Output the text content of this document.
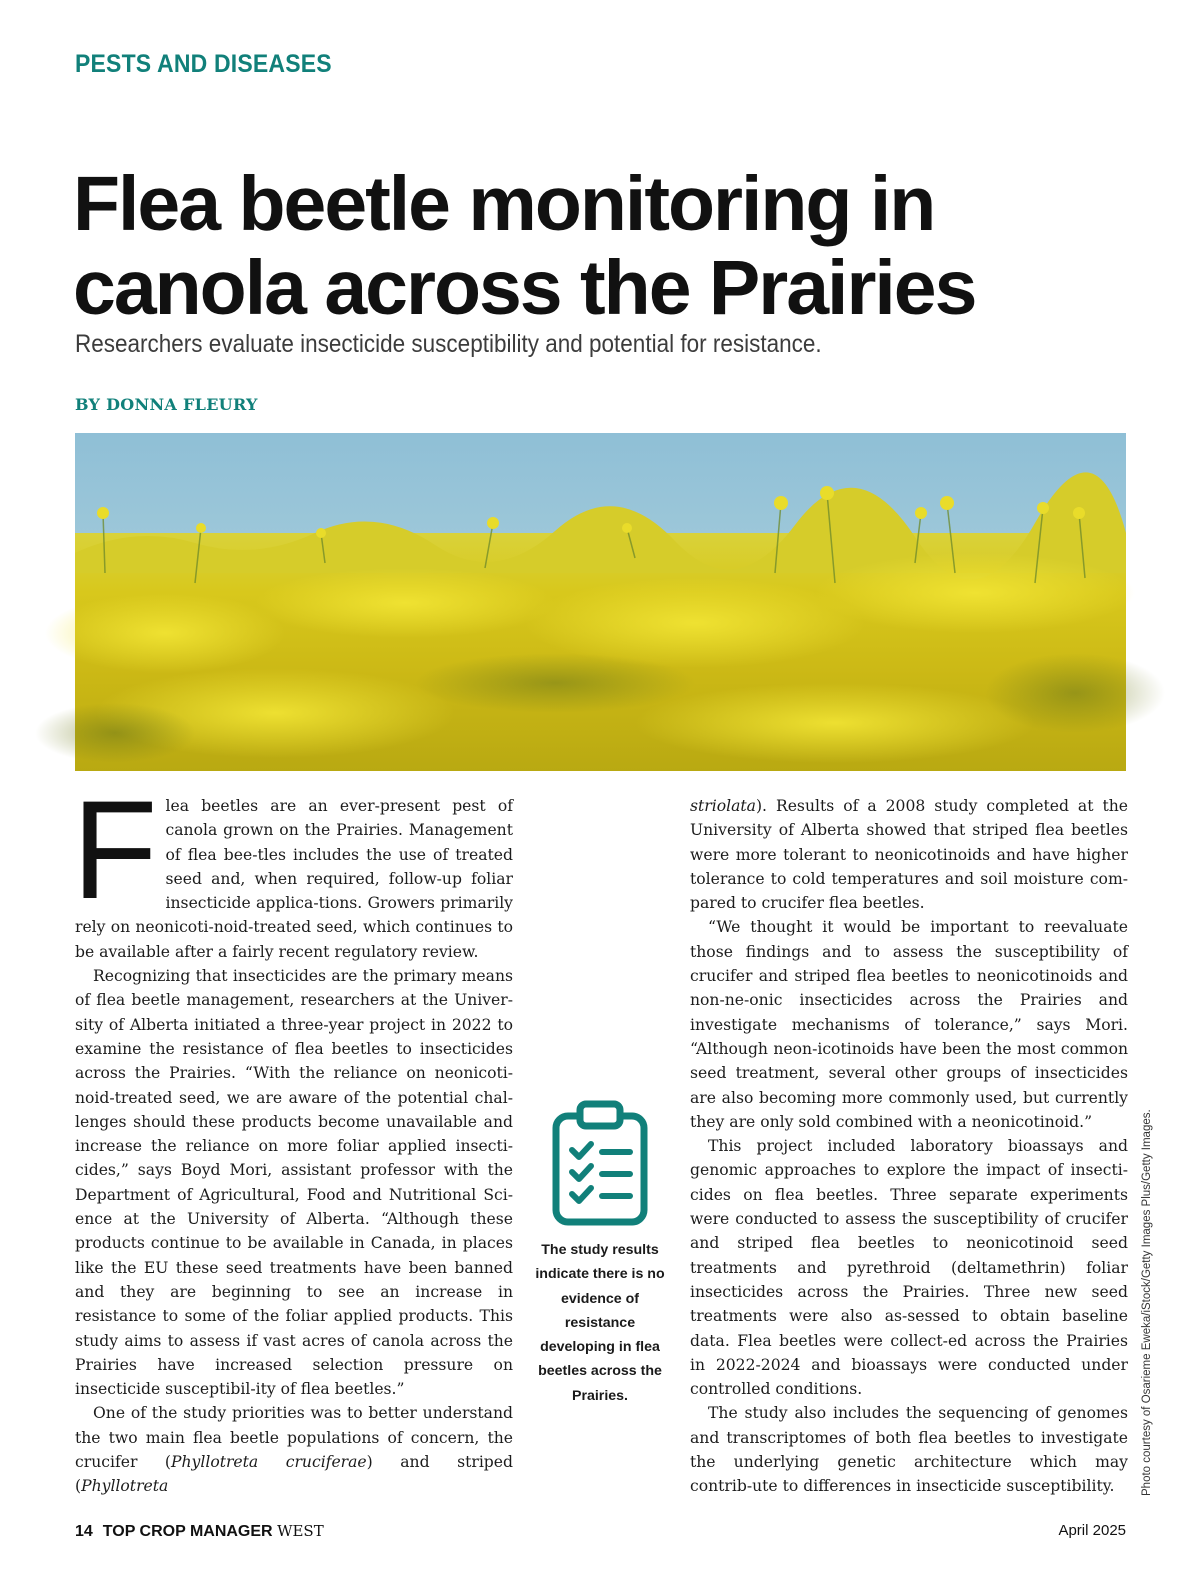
PESTS AND DISEASES
Flea beetle monitoring in canola across the Prairies
Researchers evaluate insecticide susceptibility and potential for resistance.
BY DONNA FLEURY
F lea beetles are an ever-present pest of canola grown on the Prairies. Management of flea bee-tles includes the use of treated seed and, when required, follow-up foliar insecticide applica-tions. Growers primarily rely on neonicoti-noid-treated seed, which continues to be available after a fairly recent regulatory review.

Recognizing that insecticides are the primary means of flea beetle management, researchers at the Univer-sity of Alberta initiated a three-year project in 2022 to examine the resistance of flea beetles to insecticides across the Prairies. “With the reliance on neonicoti-noid-treated seed, we are aware of the potential chal-lenges should these products become unavailable and increase the reliance on more foliar applied insecti-cides,” says Boyd Mori, assistant professor with the Department of Agricultural, Food and Nutritional Sci-ence at the University of Alberta. “Although these products continue to be available in Canada, in places like the EU these seed treatments have been banned and they are beginning to see an increase in resistance to some of the foliar applied products. This study aims to assess if vast acres of canola across the Prairies have increased selection pressure on insecticide susceptibil-ity of flea beetles.”

One of the study priorities was to better understand the two main flea beetle populations of concern, the crucifer (Phyllotreta cruciferae) and striped (Phyllotreta

The study results indicate there is no evidence of resistance developing in flea beetles across the Prairies.

striolata). Results of a 2008 study completed at the University of Alberta showed that striped flea beetles were more tolerant to neonicotinoids and have higher tolerance to cold temperatures and soil moisture com-pared to crucifer flea beetles.

“We thought it would be important to reevaluate those findings and to assess the susceptibility of crucifer and striped flea beetles to neonicotinoids and non-ne-onic insecticides across the Prairies and investigate mechanisms of tolerance,” says Mori. “Although neon-icotinoids have been the most common seed treatment, several other groups of insecticides are also becoming more commonly used, but currently they are only sold combined with a neonicotinoid.”

This project included laboratory bioassays and genomic approaches to explore the impact of insecti-cides on flea beetles. Three separate experiments were conducted to assess the susceptibility of crucifer and striped flea beetles to neonicotinoid seed treatments and pyrethroid (deltamethrin) foliar insecticides across the Prairies. Three new seed treatments were also as-sessed to obtain baseline data. Flea beetles were collect-ed across the Prairies in 2022-2024 and bioassays were conducted under controlled conditions.

The study also includes the sequencing of genomes and transcriptomes of both flea beetles to investigate the underlying genetic architecture which may contrib-ute to differences in insecticide susceptibility.	Photo courtesy of Osarieme Eweka/iStock/Getty Images Plus/Getty Images.
14 TOP CROP MANAGER WEST	April 2025
